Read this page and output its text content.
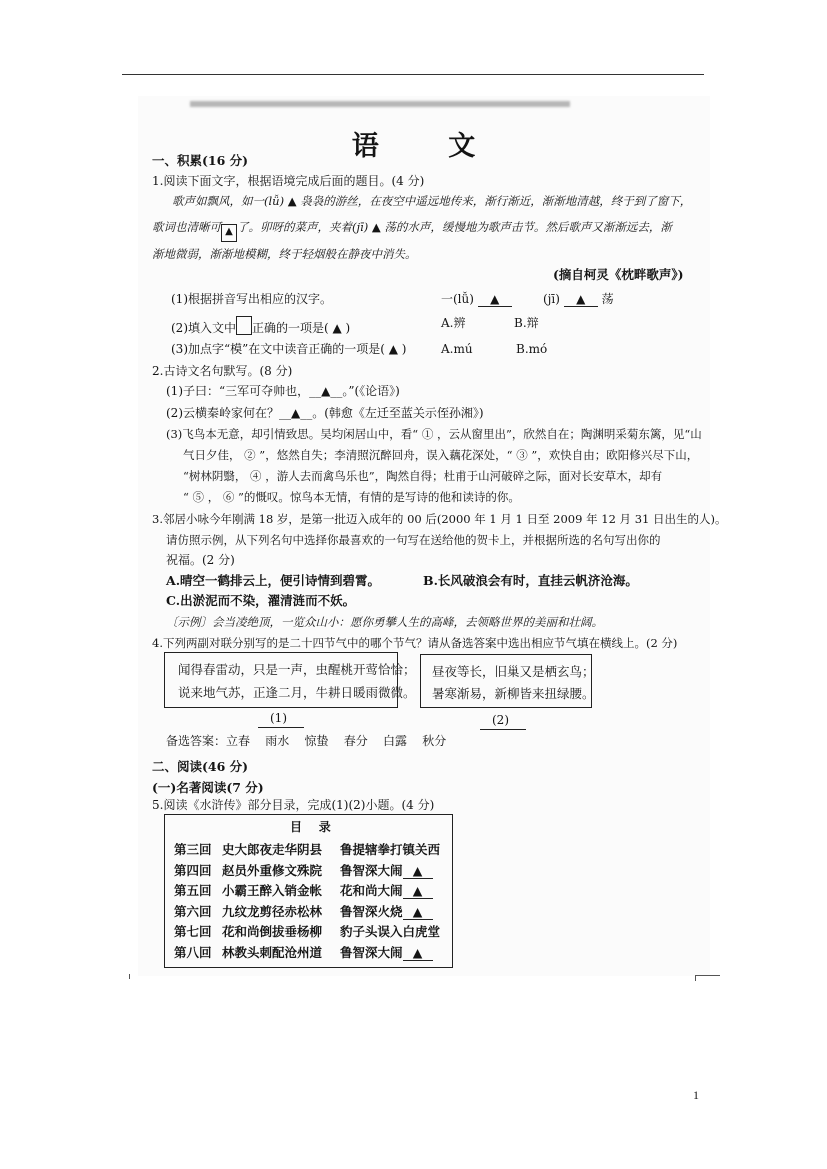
语 文
一、积累(16 分)
1.阅读下面文字，根据语境完成后面的题目。(4 分)
歌声如飘风，如一(lǚ) ▲ 袅袅的游丝，在夜空中遥远地传来，渐行渐近，渐渐地清越，终于到了窗下，
歌词也清晰可 ▲ 了。卯呀的菜声，夹着(jī) ▲ 荡的水声，缓慢地为歌声击节。然后歌声又渐渐远去，渐
渐地微弱，渐渐地模糊，终于轻烟般在静夜中消失。
(摘自柯灵《枕畔歌声》)
(1)根据拼音写出相应的汉字。	一(lǚ) ▲	(jī) ▲ 荡
(2)填入文中 正确的一项是( ▲ )	A.辨	B.辩
(3)加点字“模”在文中读音正确的一项是( ▲ )	A.mú	B.mó
2.古诗文名句默写。(8 分)
(1)子曰：“三军可夺帅也，__▲__。”(《论语》)
(2)云横秦岭家何在？__▲__。(韩愈《左迁至蓝关示侄孙湘》)
(3)飞鸟本无意，却引情致思。吴均闲居山中，看“ ① ，云从窗里出”，欣然自在；陶渊明采菊东篱，见“山
气日夕佳， ② ”，悠然自失；李清照沉醉回舟，误入藕花深处，“ ③ ”，欢快自由；欧阳修兴尽下山，
“树林阴翳， ④ ，游人去而禽鸟乐也”，陶然自得；杜甫于山河破碎之际，面对长安草木，却有
“ ⑤ ， ⑥ ”的慨叹。惊鸟本无情，有情的是写诗的他和读诗的你。
3.邻居小咏今年刚满 18 岁，是第一批迈入成年的 00 后(2000 年 1 月 1 日至 2009 年 12 月 31 日出生的人)。
请仿照示例，从下列名句中选择你最喜欢的一句写在送给他的贺卡上，并根据所选的名句写出你的
祝福。(2 分)
A.晴空一鹤排云上，便引诗情到碧霄。	B.长风破浪会有时，直挂云帆济沧海。
C.出淤泥而不染，濯清涟而不妖。
〔示例〕会当凌绝顶，一览众山小：愿你勇攀人生的高峰，去领略世界的美丽和壮阔。
4.下列两副对联分别写的是二十四节气中的哪个节气？请从备选答案中选出相应节气填在横线上。(2 分)
闻得春雷动，只是一声，虫醒桃开莺恰恰；
说来地气苏，正逢二月，牛耕日暖雨微微。
昼夜等长，旧巢又是栖玄鸟；
暑寒渐易，新柳皆来扭绿腰。
(1)	(2)
备选答案：立春    雨水    惊蛰    春分    白露    秋分
二、阅读(46 分)
(一)名著阅读(7 分)
5.阅读《水浒传》部分目录，完成(1)(2)小题。(4 分)
目    录
第三回 史大郎夜走华阴县 鲁提辖拳打镇关西
第四回 赵员外重修文殊院 鲁智深大闹 ▲
第五回 小霸王醉入销金帐 花和尚大闹 ▲
第六回 九纹龙剪径赤松林 鲁智深火烧 ▲
第七回 花和尚倒拔垂杨柳 豹子头误入白虎堂
第八回 林教头刺配沧州道 鲁智深大闹 ▲
1
